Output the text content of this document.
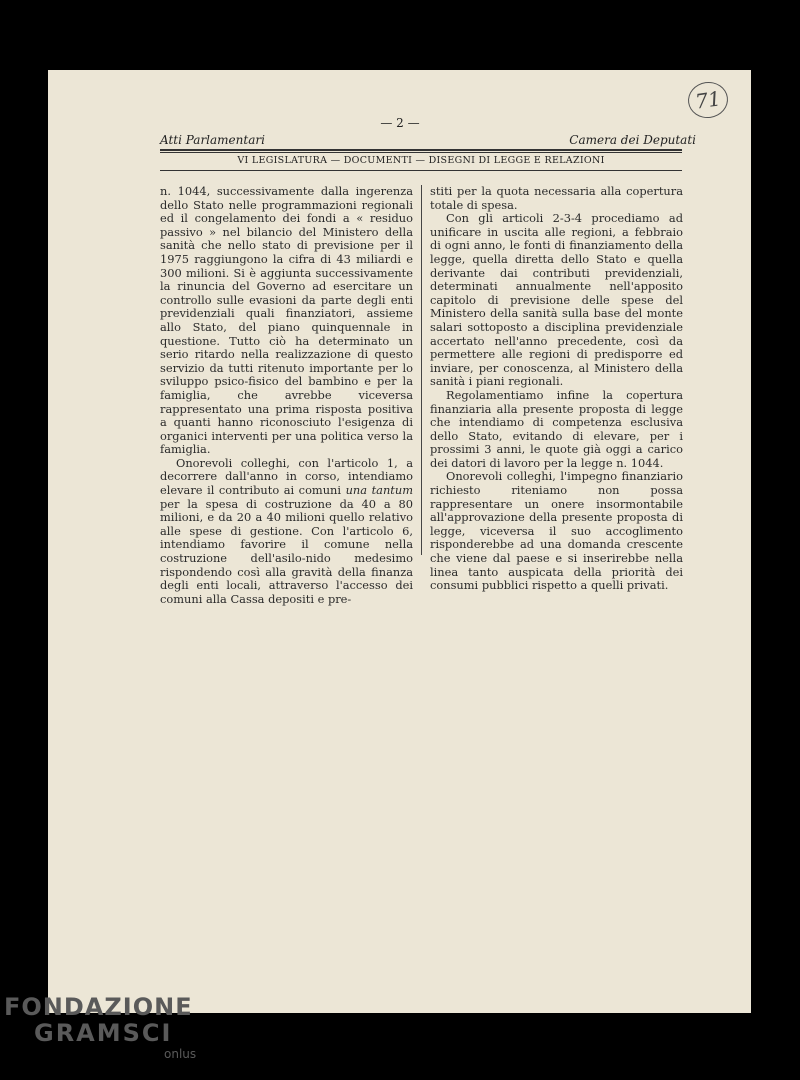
71
— 2 —
Atti Parlamentari	Camera dei Deputati
VI LEGISLATURA — DOCUMENTI — DISEGNI DI LEGGE E RELAZIONI

n. 1044, successivamente dalla ingerenza dello Stato nelle programmazioni regionali ed il congelamento dei fondi a « residuo passivo » nel bilancio del Ministero della sanità che nello stato di previsione per il 1975 raggiungono la cifra di 43 miliardi e 300 milioni. Si è aggiunta successivamente la rinuncia del Governo ad esercitare un controllo sulle evasioni da parte degli enti previdenziali quali finanziatori, assieme allo Stato, del piano quinquennale in questione. Tutto ciò ha determinato un serio ritardo nella realizzazione di questo servizio da tutti ritenuto importante per lo sviluppo psico-fisico del bambino e per la famiglia, che avrebbe viceversa rappresentato una prima risposta positiva a quanti hanno riconosciuto l'esigenza di organici interventi per una politica verso la famiglia.

Onorevoli colleghi, con l'articolo 1, a decorrere dall'anno in corso, intendiamo elevare il contributo ai comuni una tantum per la spesa di costruzione da 40 a 80 milioni, e da 20 a 40 milioni quello relativo alle spese di gestione. Con l'articolo 6, intendiamo favorire il comune nella costruzione dell'asilo-nido medesimo rispondendo così alla gravità della finanza degli enti locali, attraverso l'accesso dei comuni alla Cassa depositi e pre-

stiti per la quota necessaria alla copertura totale di spesa.

Con gli articoli 2-3-4 procediamo ad unificare in uscita alle regioni, a febbraio di ogni anno, le fonti di finanziamento della legge, quella diretta dello Stato e quella derivante dai contributi previdenziali, determinati annualmente nell'apposito capitolo di previsione delle spese del Ministero della sanità sulla base del monte salari sottoposto a disciplina previdenziale accertato nell'anno precedente, così da permettere alle regioni di predisporre ed inviare, per conoscenza, al Ministero della sanità i piani regionali.

Regolamentiamo infine la copertura finanziaria alla presente proposta di legge che intendiamo di competenza esclusiva dello Stato, evitando di elevare, per i prossimi 3 anni, le quote già oggi a carico dei datori di lavoro per la legge n. 1044.

Onorevoli colleghi, l'impegno finanziario richiesto riteniamo non possa rappresentare un onere insormontabile all'approvazione della presente proposta di legge, viceversa il suo accoglimento risponderebbe ad una domanda crescente che viene dal paese e si inserirebbe nella linea tanto auspicata della priorità dei consumi pubblici rispetto a quelli privati.

FONDAZIONE
GRAMSCI
onlus
